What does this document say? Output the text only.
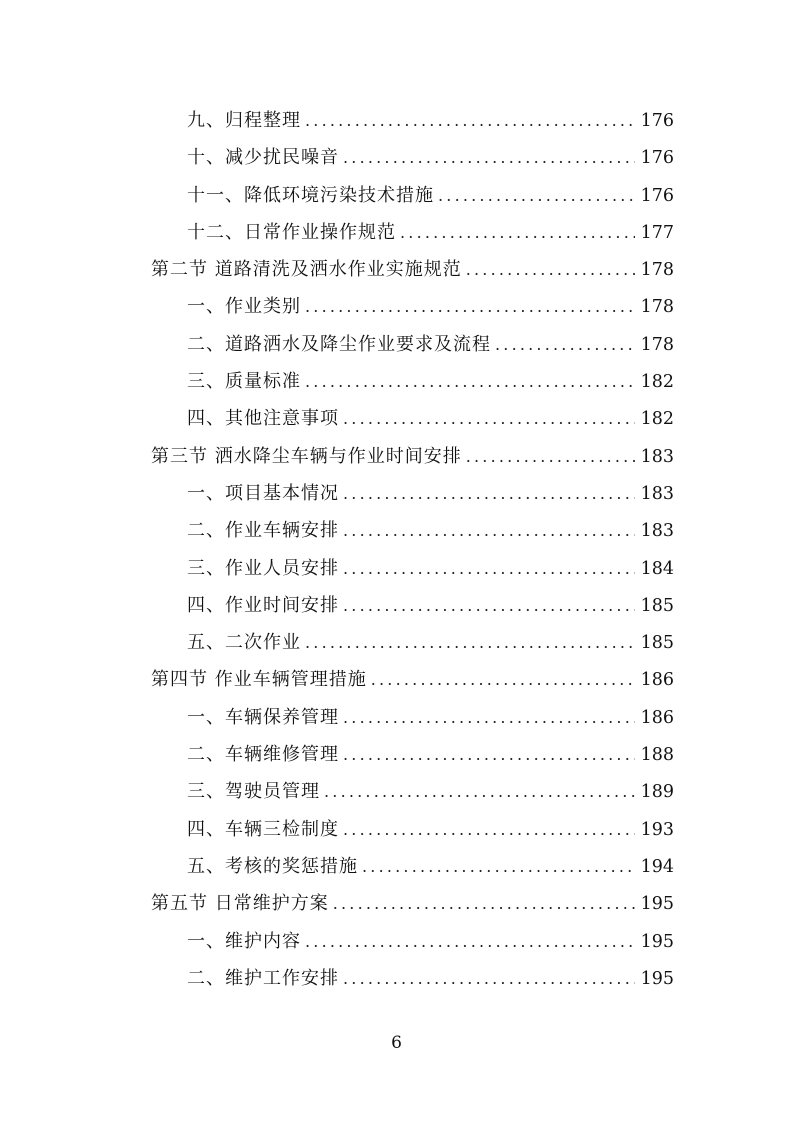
九、归程整理 .....	176
十、减少扰民噪音 .....	176
十一、降低环境污染技术措施 .....	176
十二、日常作业操作规范 .....	177
第二节 道路清洗及洒水作业实施规范 .....	178
一、作业类别 .....	178
二、道路洒水及降尘作业要求及流程 .....	178
三、质量标准 .....	182
四、其他注意事项 .....	182
第三节 洒水降尘车辆与作业时间安排 .....	183
一、项目基本情况 .....	183
二、作业车辆安排 .....	183
三、作业人员安排 .....	184
四、作业时间安排 .....	185
五、二次作业 .....	185
第四节 作业车辆管理措施 .....	186
一、车辆保养管理 .....	186
二、车辆维修管理 .....	188
三、驾驶员管理 .....	189
四、车辆三检制度 .....	193
五、考核的奖惩措施 .....	194
第五节 日常维护方案 .....	195
一、维护内容 .....	195
二、维护工作安排 .....	195
6
